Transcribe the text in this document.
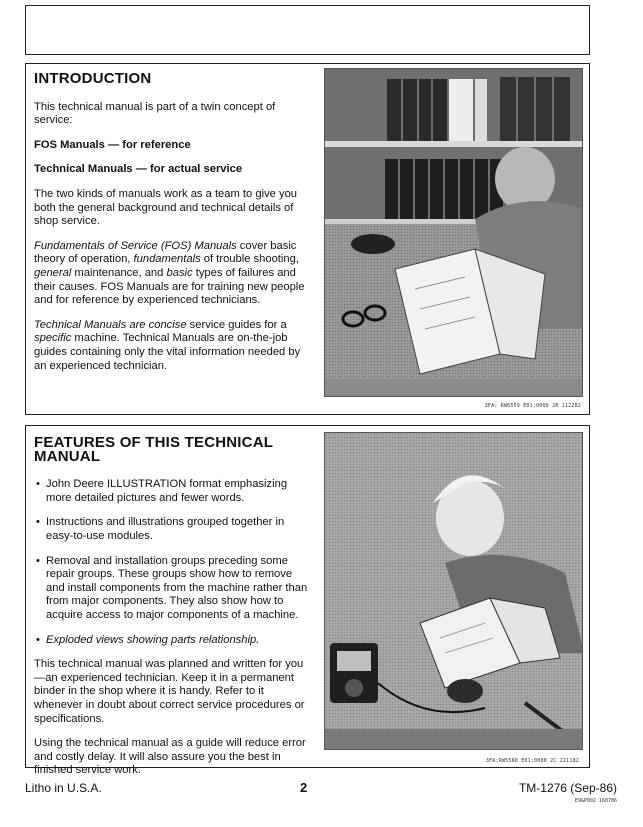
INTRODUCTION

This technical manual is part of a twin concept of service:

FOS Manuals — for reference

Technical Manuals — for actual service

The two kinds of manuals work as a team to give you both the general background and technical details of shop service.

Fundamentals of Service (FOS) Manuals cover basic theory of operation, fundamentals of trouble shooting, general maintenance, and basic types of failures and their causes. FOS Manuals are for training new people and for reference by experienced technicians.

Technical Manuals are concise service guides for a specific machine. Technical Manuals are on-the-job guides containing only the vital information needed by an experienced technician.

3FA; RW6559 E01;0000 2R 112282
FEATURES OF THIS TECHNICAL MANUAL
• John Deere ILLUSTRATION format emphasizing more detailed pictures and fewer words.
• Instructions and illustrations grouped together in easy-to-use modules.
• Removal and installation groups preceding some repair groups. These groups show how to remove and install components from the machine rather than from major components. They also show how to acquire access to major components of a machine.
• Exploded views showing parts relationship.

This technical manual was planned and written for you—an experienced technician. Keep it in a permanent binder in the shop where it is handy. Refer to it whenever in doubt about correct service procedures or specifications.

Using the technical manual as a guide will reduce error and costly delay. It will also assure you the best in finished service work.

3FA;RW5560 E01;0000 2C 221182
Litho in U.S.A.	2	TM-1276 (Sep-86)
E9&P002 160786
